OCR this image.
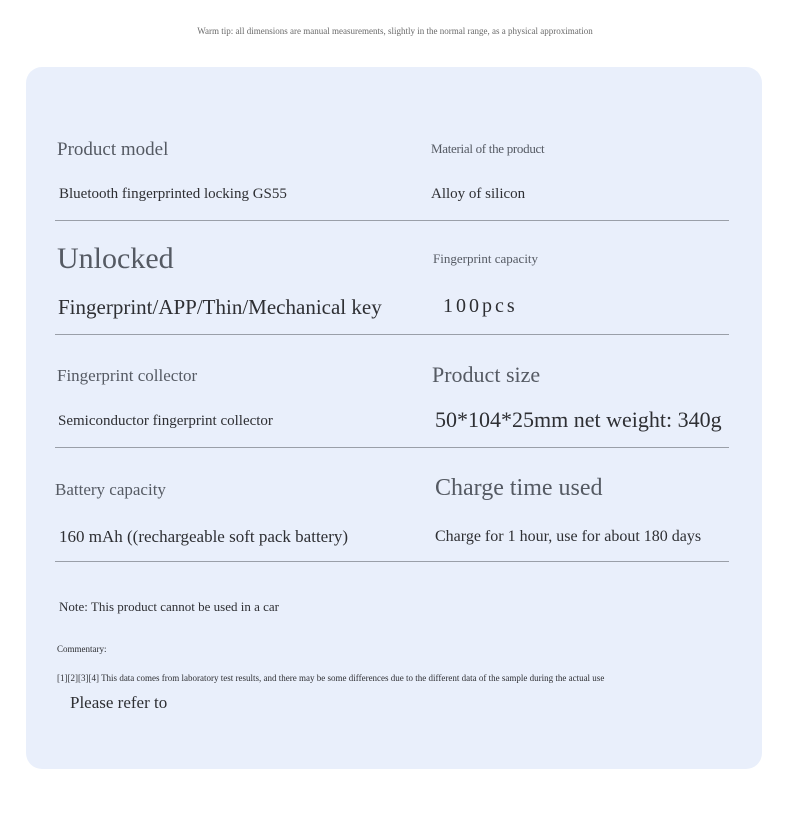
Warm tip: all dimensions are manual measurements, slightly in the normal range, as a physical approximation
Product model
Bluetooth fingerprinted locking GS55
Material of the product
Alloy of silicon
Unlocked
Fingerprint/APP/Thin/Mechanical key
Fingerprint capacity
100pcs
Fingerprint collector
Semiconductor fingerprint collector
Product size
50*104*25mm net weight: 340g
Battery capacity
160 mAh ((rechargeable soft pack battery)
Charge time used
Charge for 1 hour, use for about 180 days
Note: This product cannot be used in a car
Commentary:
[1][2][3][4] This data comes from laboratory test results, and there may be some differences due to the different data of the sample during the actual use
Please refer to
